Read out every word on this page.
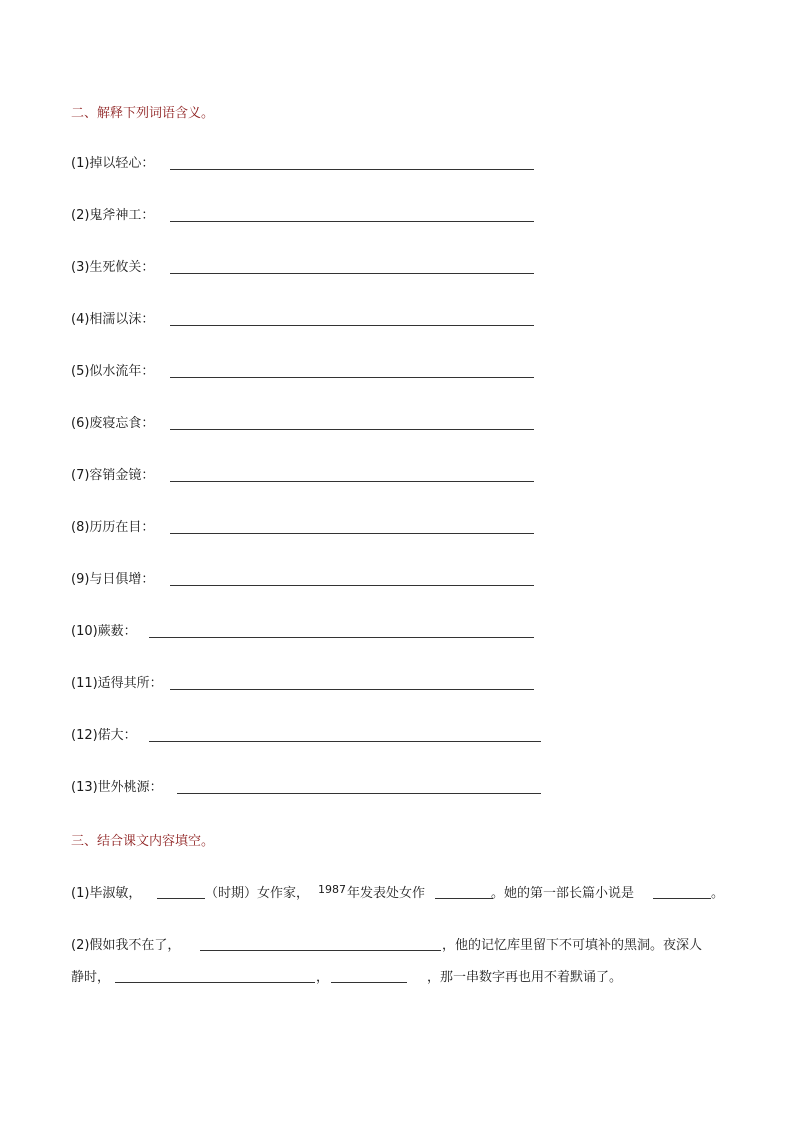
二、解释下列词语含义。
(1)掉以轻心：
(2)鬼斧神工：
(3)生死攸关：
(4)相濡以沫：
(5)似水流年：
(6)废寝忘食：
(7)容销金镜：
(8)历历在目：
(9)与日俱增：
(10)蕨薮：
(11)适得其所：
(12)偌大：
(13)世外桃源：
三、结合课文内容填空。
(1)毕淑敏，	（时期）女作家， 1987 年发表处女作	。她的第一部长篇小说是	。
(2)假如我不在了，	，他的记忆库里留下不可填补的黑洞。夜深人
静时，	，	，那一串数字再也用不着默诵了。
